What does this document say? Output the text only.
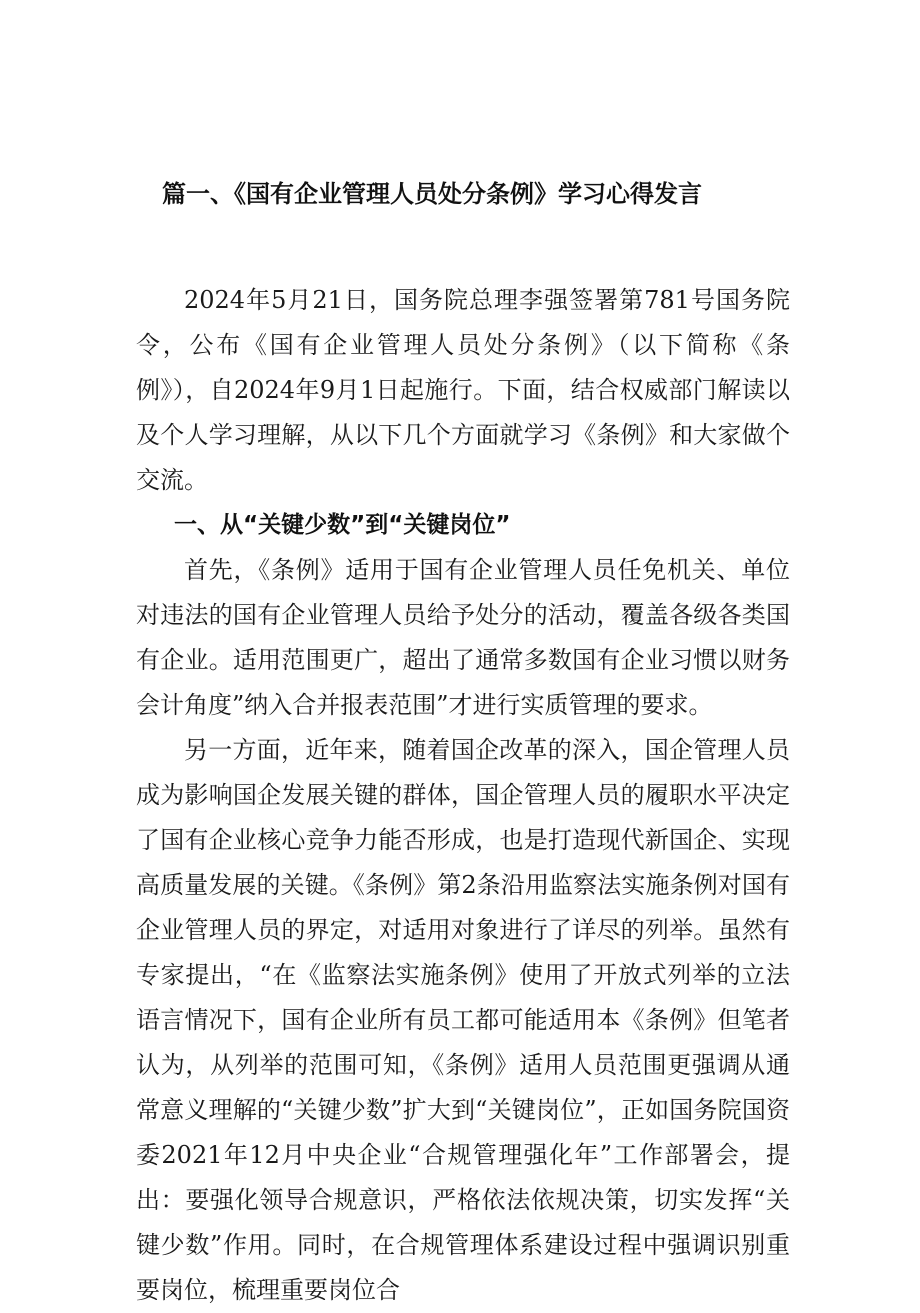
篇一、《国有企业管理人员处分条例》学习心得发言

2024年5月21日，国务院总理李强签署第781号国务院令，公布《国有企业管理人员处分条例》（以下简称《条例》），自2024年9月1日起施行。下面，结合权威部门解读以及个人学习理解，从以下几个方面就学习《条例》和大家做个交流。

一、从“关键少数”到“关键岗位”

首先，《条例》适用于国有企业管理人员任免机关、单位对违法的国有企业管理人员给予处分的活动，覆盖各级各类国有企业。适用范围更广，超出了通常多数国有企业习惯以财务会计角度”纳入合并报表范围”才进行实质管理的要求。

另一方面，近年来，随着国企改革的深入，国企管理人员成为影响国企发展关键的群体，国企管理人员的履职水平决定了国有企业核心竞争力能否形成，也是打造现代新国企、实现高质量发展的关键。《条例》第2条沿用监察法实施条例对国有企业管理人员的界定，对适用对象进行了详尽的列举。虽然有专家提出，“在《监察法实施条例》使用了开放式列举的立法语言情况下，国有企业所有员工都可能适用本《条例》但笔者认为，从列举的范围可知，《条例》适用人员范围更强调从通常意义理解的“关键少数”扩大到“关键岗位”，正如国务院国资委2021年12月中央企业“合规管理强化年”工作部署会，提出：要强化领导合规意识，严格依法依规决策，切实发挥“关键少数”作用。同时，在合规管理体系建设过程中强调识别重要岗位，梳理重要岗位合
